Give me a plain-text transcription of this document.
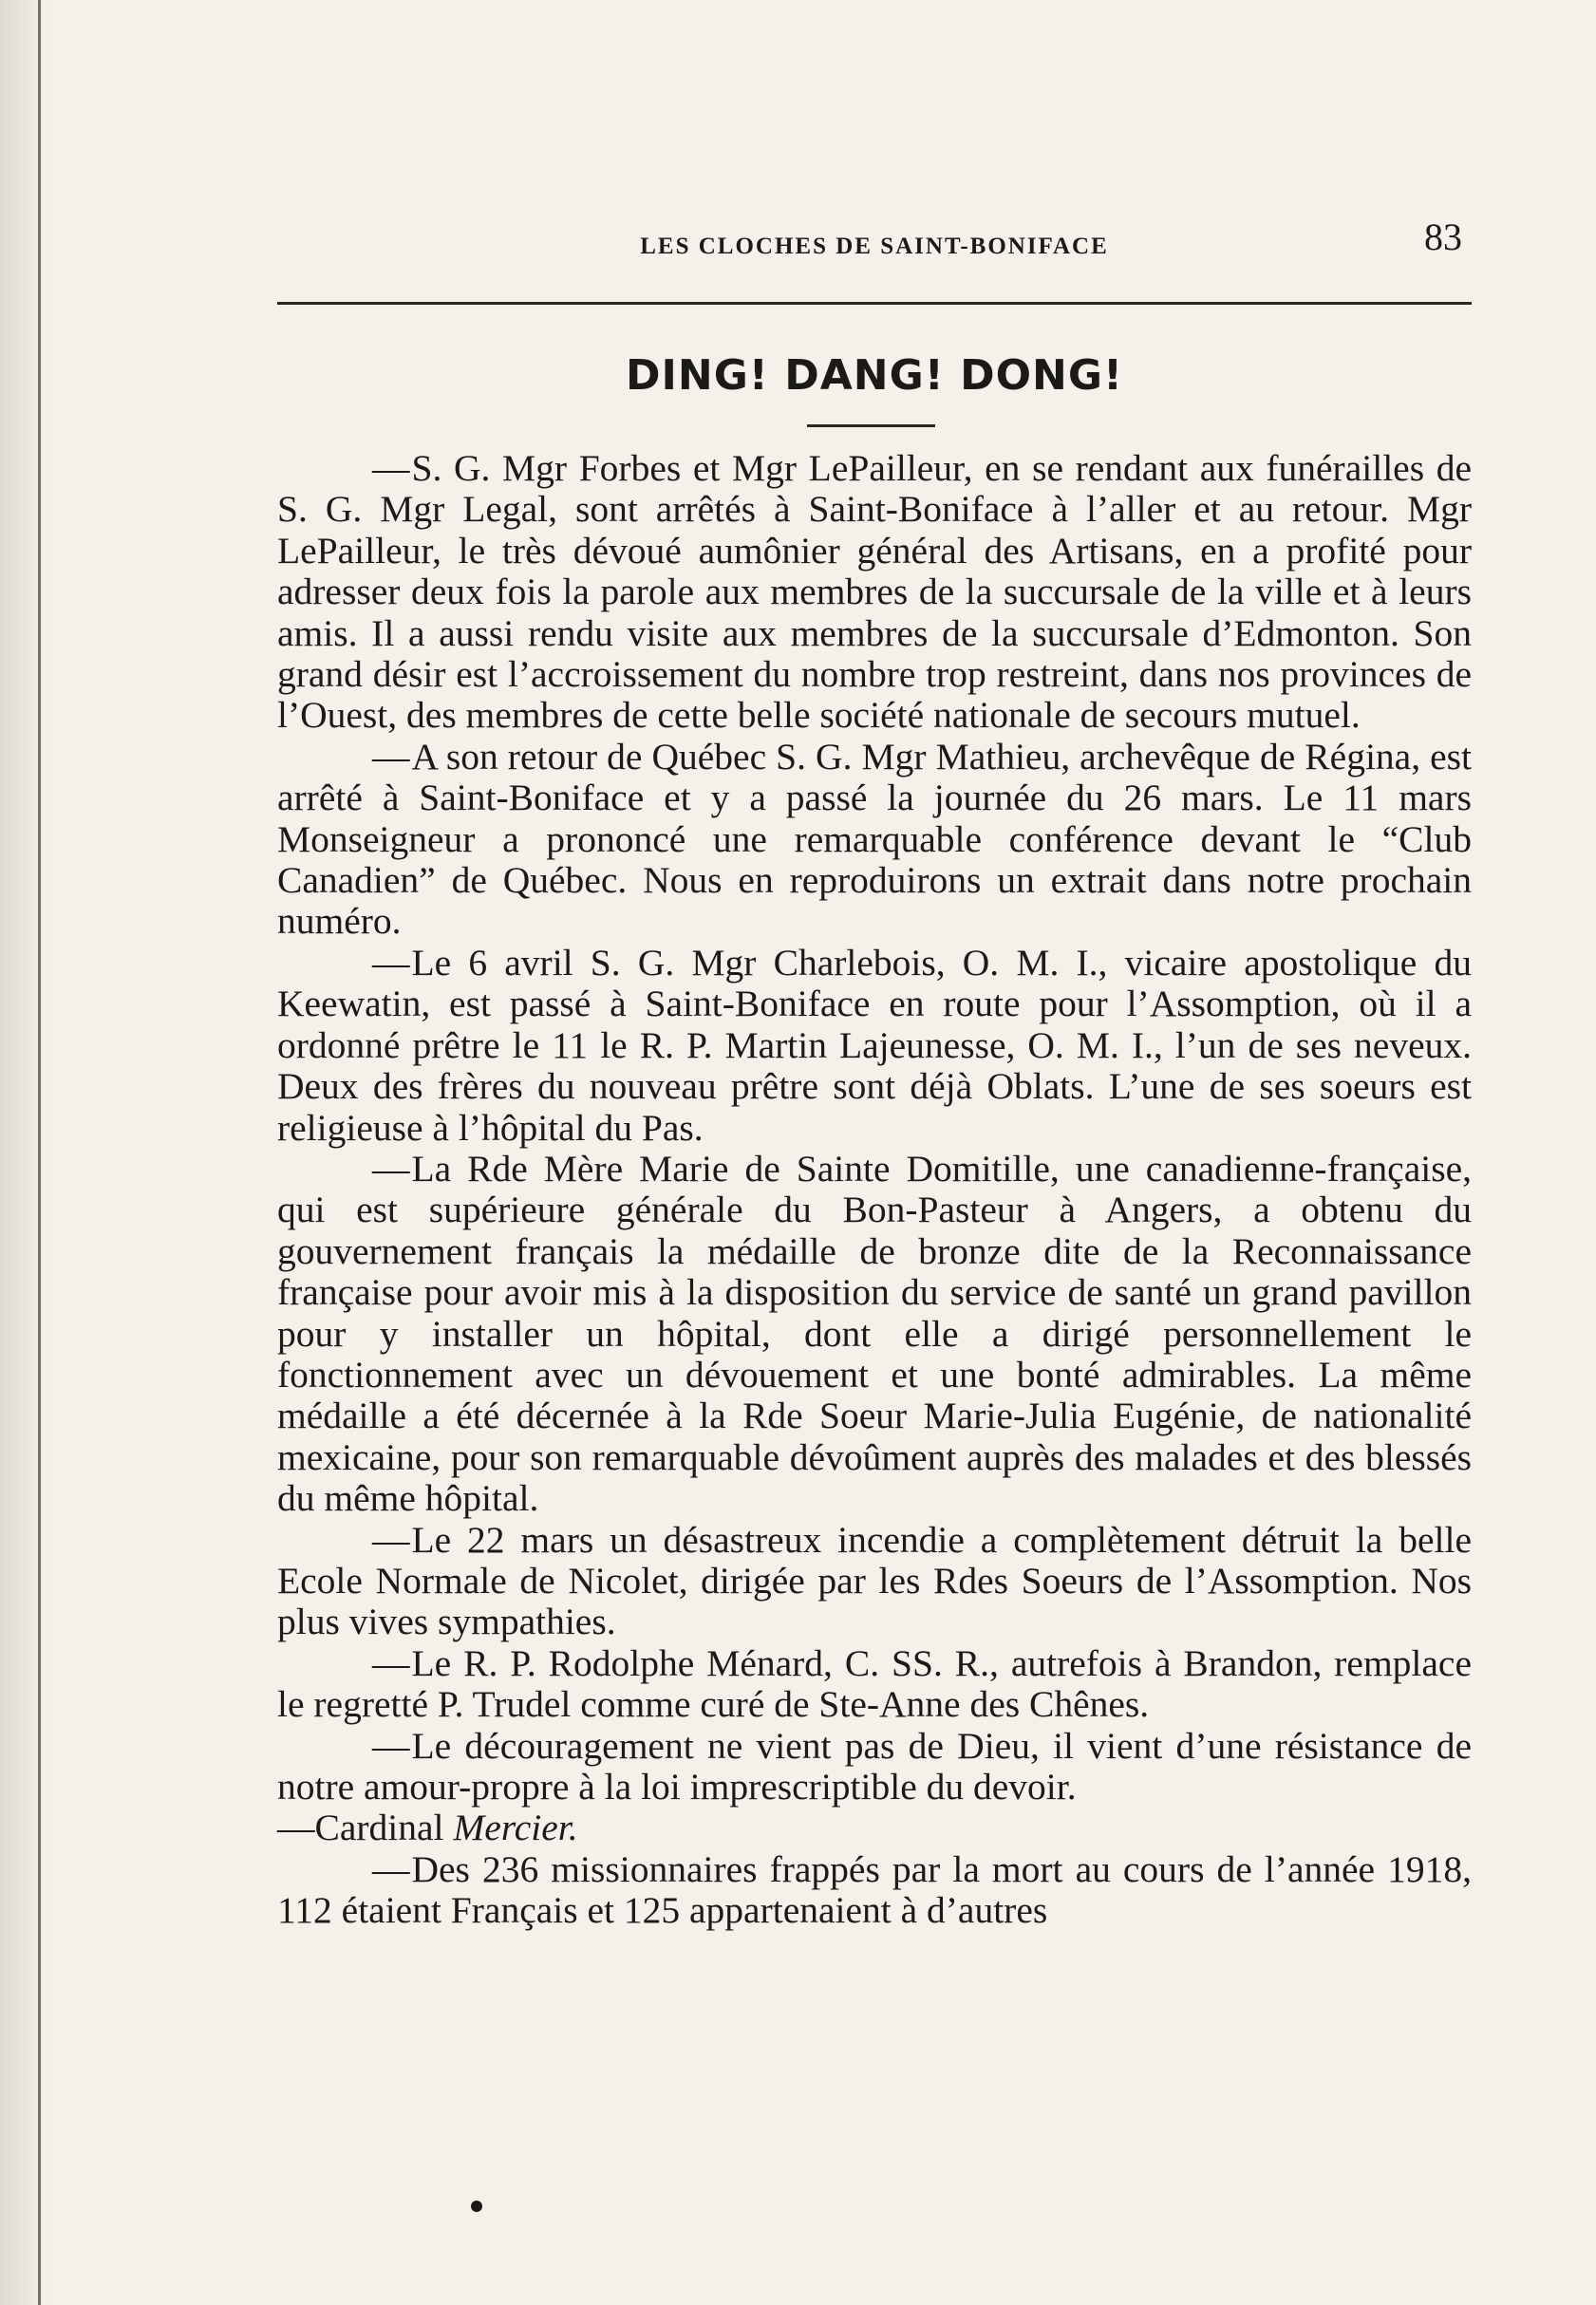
LES CLOCHES DE SAINT-BONIFACE	83
DING! DANG! DONG!

—S. G. Mgr Forbes et Mgr LePailleur, en se rendant aux funérailles de S. G. Mgr Legal, sont arrêtés à Saint-Boniface à l’aller et au retour. Mgr LePailleur, le très dévoué aumônier général des Artisans, en a profité pour adresser deux fois la parole aux membres de la succursale de la ville et à leurs amis. Il a aussi rendu visite aux membres de la succursale d’Edmonton. Son grand désir est l’accroissement du nombre trop restreint, dans nos provinces de l’Ouest, des membres de cette belle société nationale de secours mutuel.

—A son retour de Québec S. G. Mgr Mathieu, archevêque de Régina, est arrêté à Saint-Boniface et y a passé la journée du 26 mars. Le 11 mars Monseigneur a prononcé une remarquable conférence devant le “Club Canadien” de Québec. Nous en reproduirons un extrait dans notre prochain numéro.

—Le 6 avril S. G. Mgr Charlebois, O. M. I., vicaire apostolique du Keewatin, est passé à Saint-Boniface en route pour l’Assomption, où il a ordonné prêtre le 11 le R. P. Martin Lajeunesse, O. M. I., l’un de ses neveux. Deux des frères du nouveau prêtre sont déjà Oblats. L’une de ses soeurs est religieuse à l’hôpital du Pas.

—La Rde Mère Marie de Sainte Domitille, une canadienne-française, qui est supérieure générale du Bon-Pasteur à Angers, a obtenu du gouvernement français la médaille de bronze dite de la Reconnaissance française pour avoir mis à la disposition du service de santé un grand pavillon pour y installer un hôpital, dont elle a dirigé personnellement le fonctionnement avec un dévouement et une bonté admirables. La même médaille a été décernée à la Rde Soeur Marie-Julia Eugénie, de nationalité mexicaine, pour son remarquable dévoûment auprès des malades et des blessés du même hôpital.

—Le 22 mars un désastreux incendie a complètement détruit la belle Ecole Normale de Nicolet, dirigée par les Rdes Soeurs de l’Assomption. Nos plus vives sympathies.

—Le R. P. Rodolphe Ménard, C. SS. R., autrefois à Brandon, remplace le regretté P. Trudel comme curé de Ste-Anne des Chênes.

—Le découragement ne vient pas de Dieu, il vient d’une résistance de notre amour-propre à la loi imprescriptible du devoir.

—Cardinal Mercier.

—Des 236 missionnaires frappés par la mort au cours de l’année 1918, 112 étaient Français et 125 appartenaient à d’autres
